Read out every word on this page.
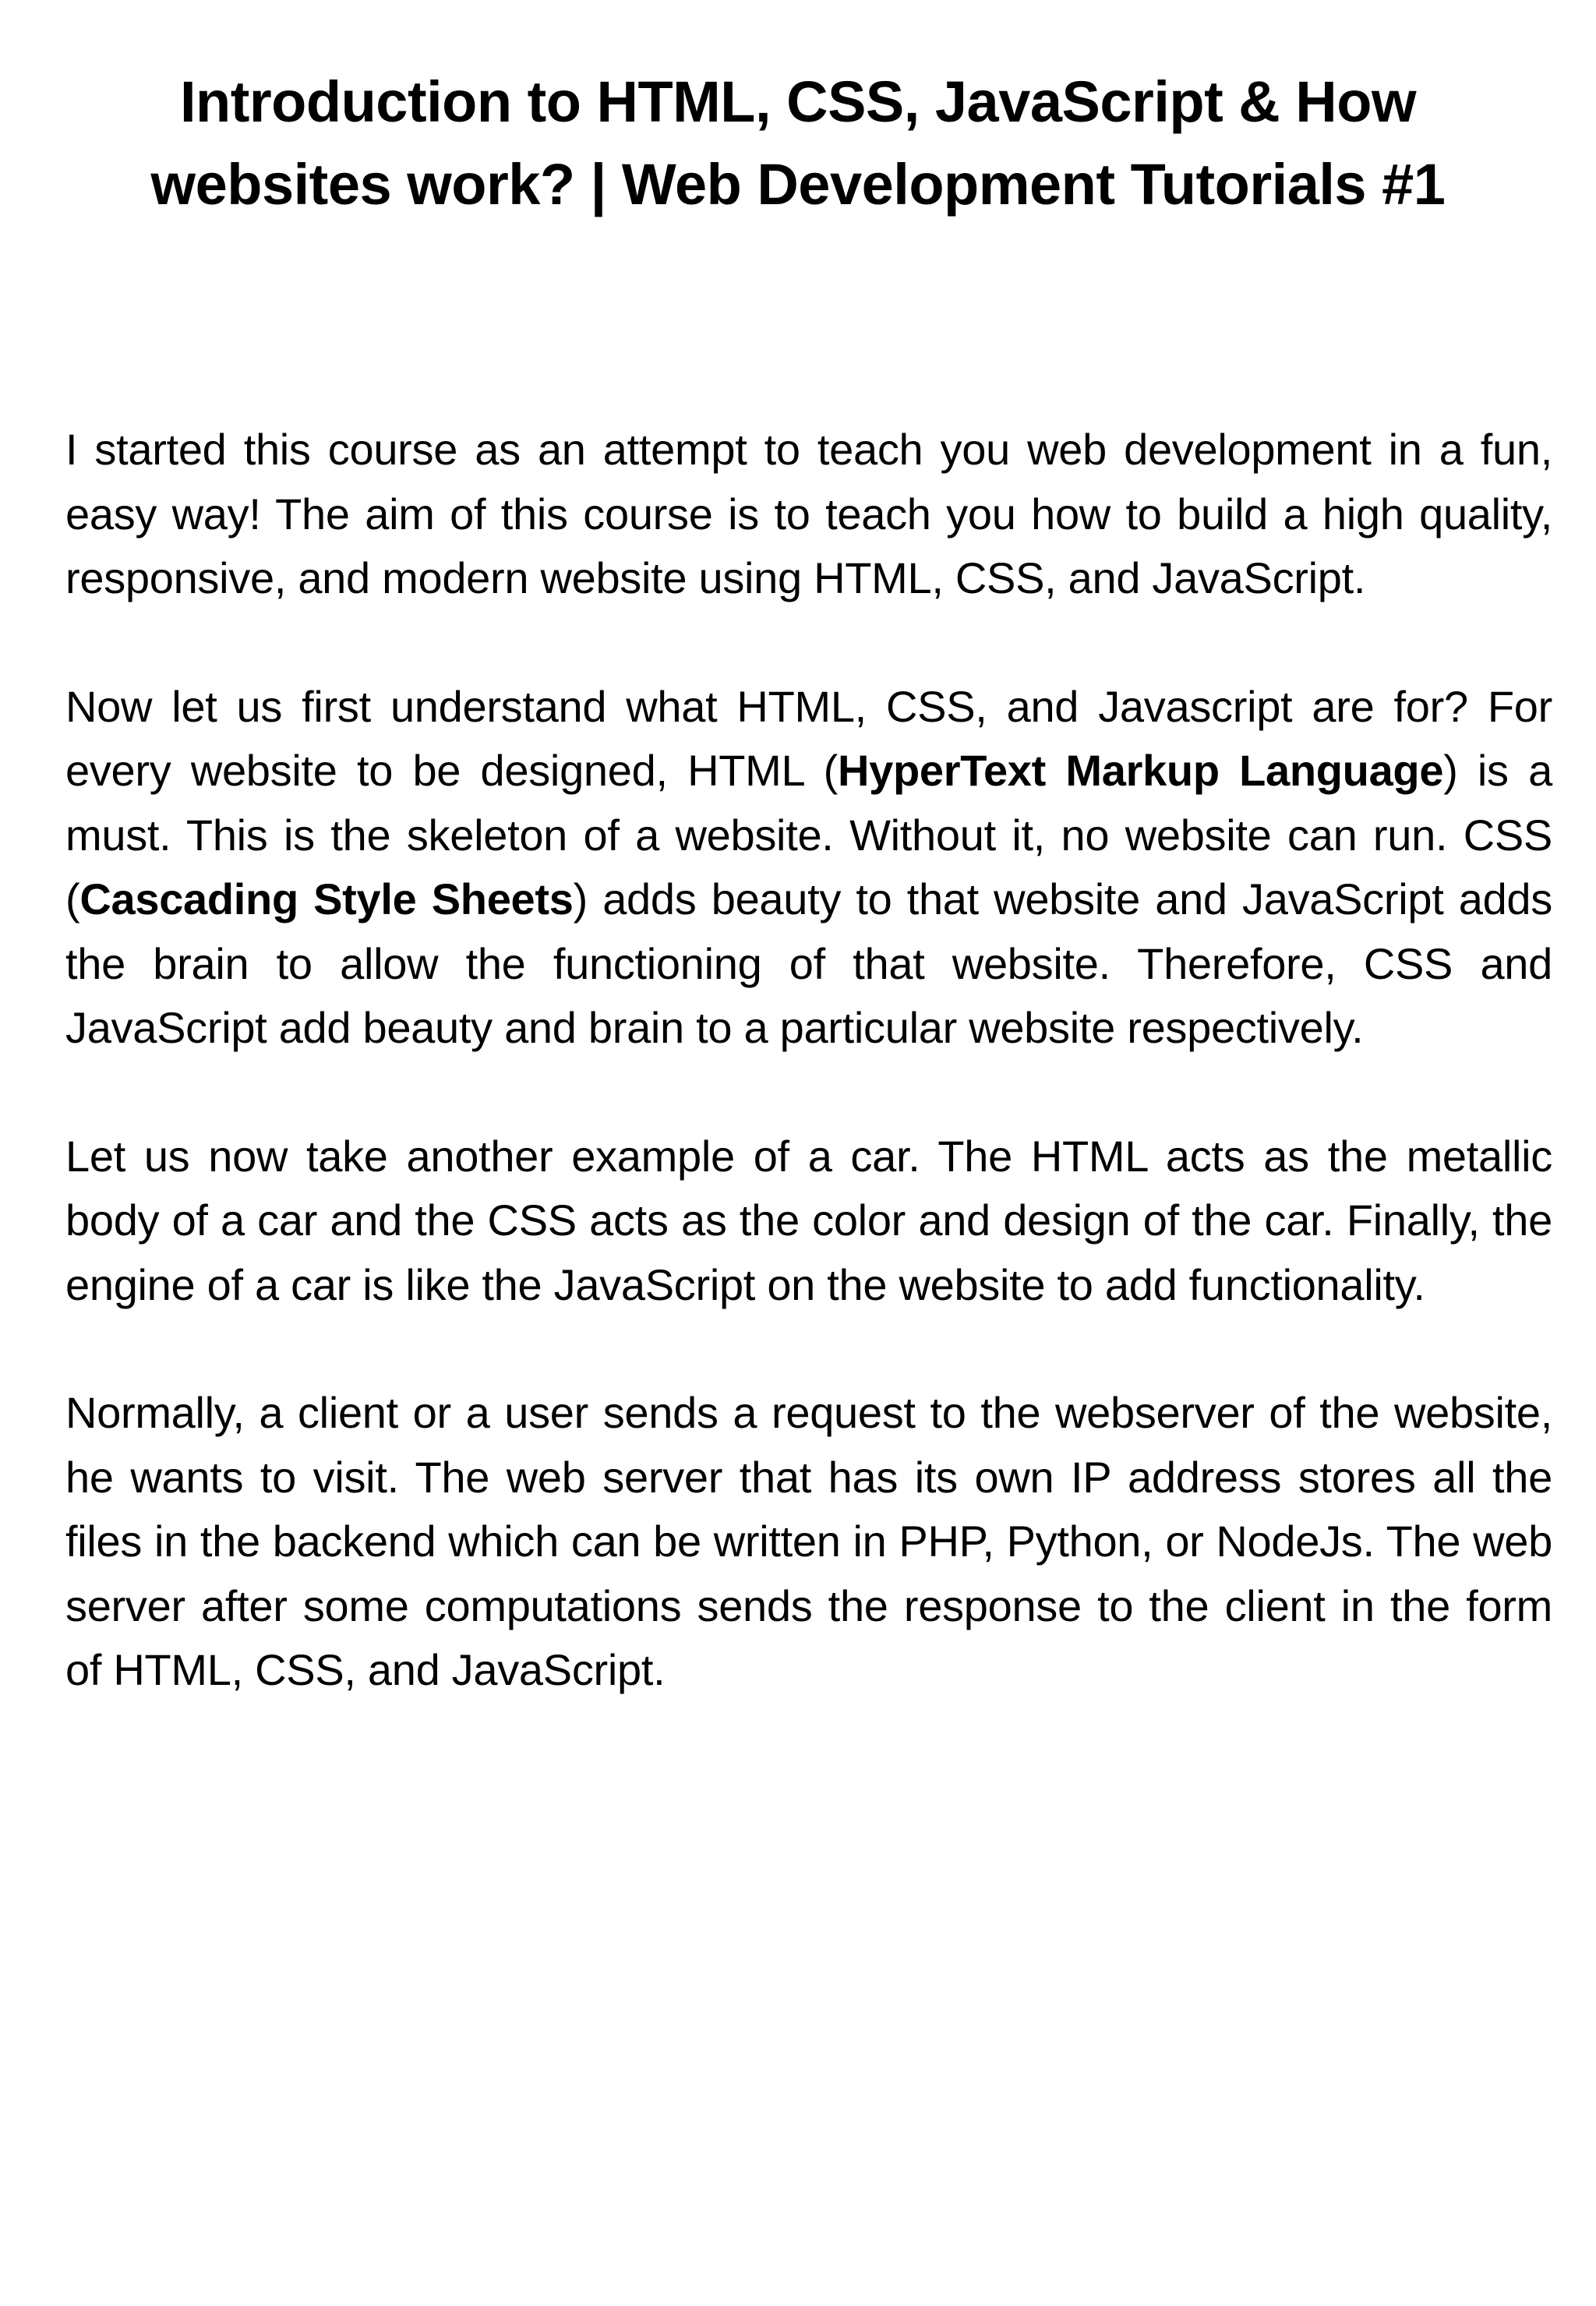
Introduction to HTML, CSS, JavaScript & How websites work? | Web Development Tutorials #1

I started this course as an attempt to teach you web development in a fun, easy way! The aim of this course is to teach you how to build a high quality, responsive, and modern website using HTML, CSS, and JavaScript.

Now let us first understand what HTML, CSS, and Javascript are for? For every website to be designed, HTML (HyperText Markup Language) is a must. This is the skeleton of a website. Without it, no website can run. CSS (Cascading Style Sheets) adds beauty to that website and JavaScript adds the brain to allow the functioning of that website. Therefore, CSS and JavaScript add beauty and brain to a particular website respectively.

Let us now take another example of a car. The HTML acts as the metallic body of a car and the CSS acts as the color and design of the car. Finally, the engine of a car is like the JavaScript on the website to add functionality.

Normally, a client or a user sends a request to the webserver of the website, he wants to visit. The web server that has its own IP address stores all the files in the backend which can be written in PHP, Python, or NodeJs. The web server after some computations sends the response to the client in the form of HTML, CSS, and JavaScript.
